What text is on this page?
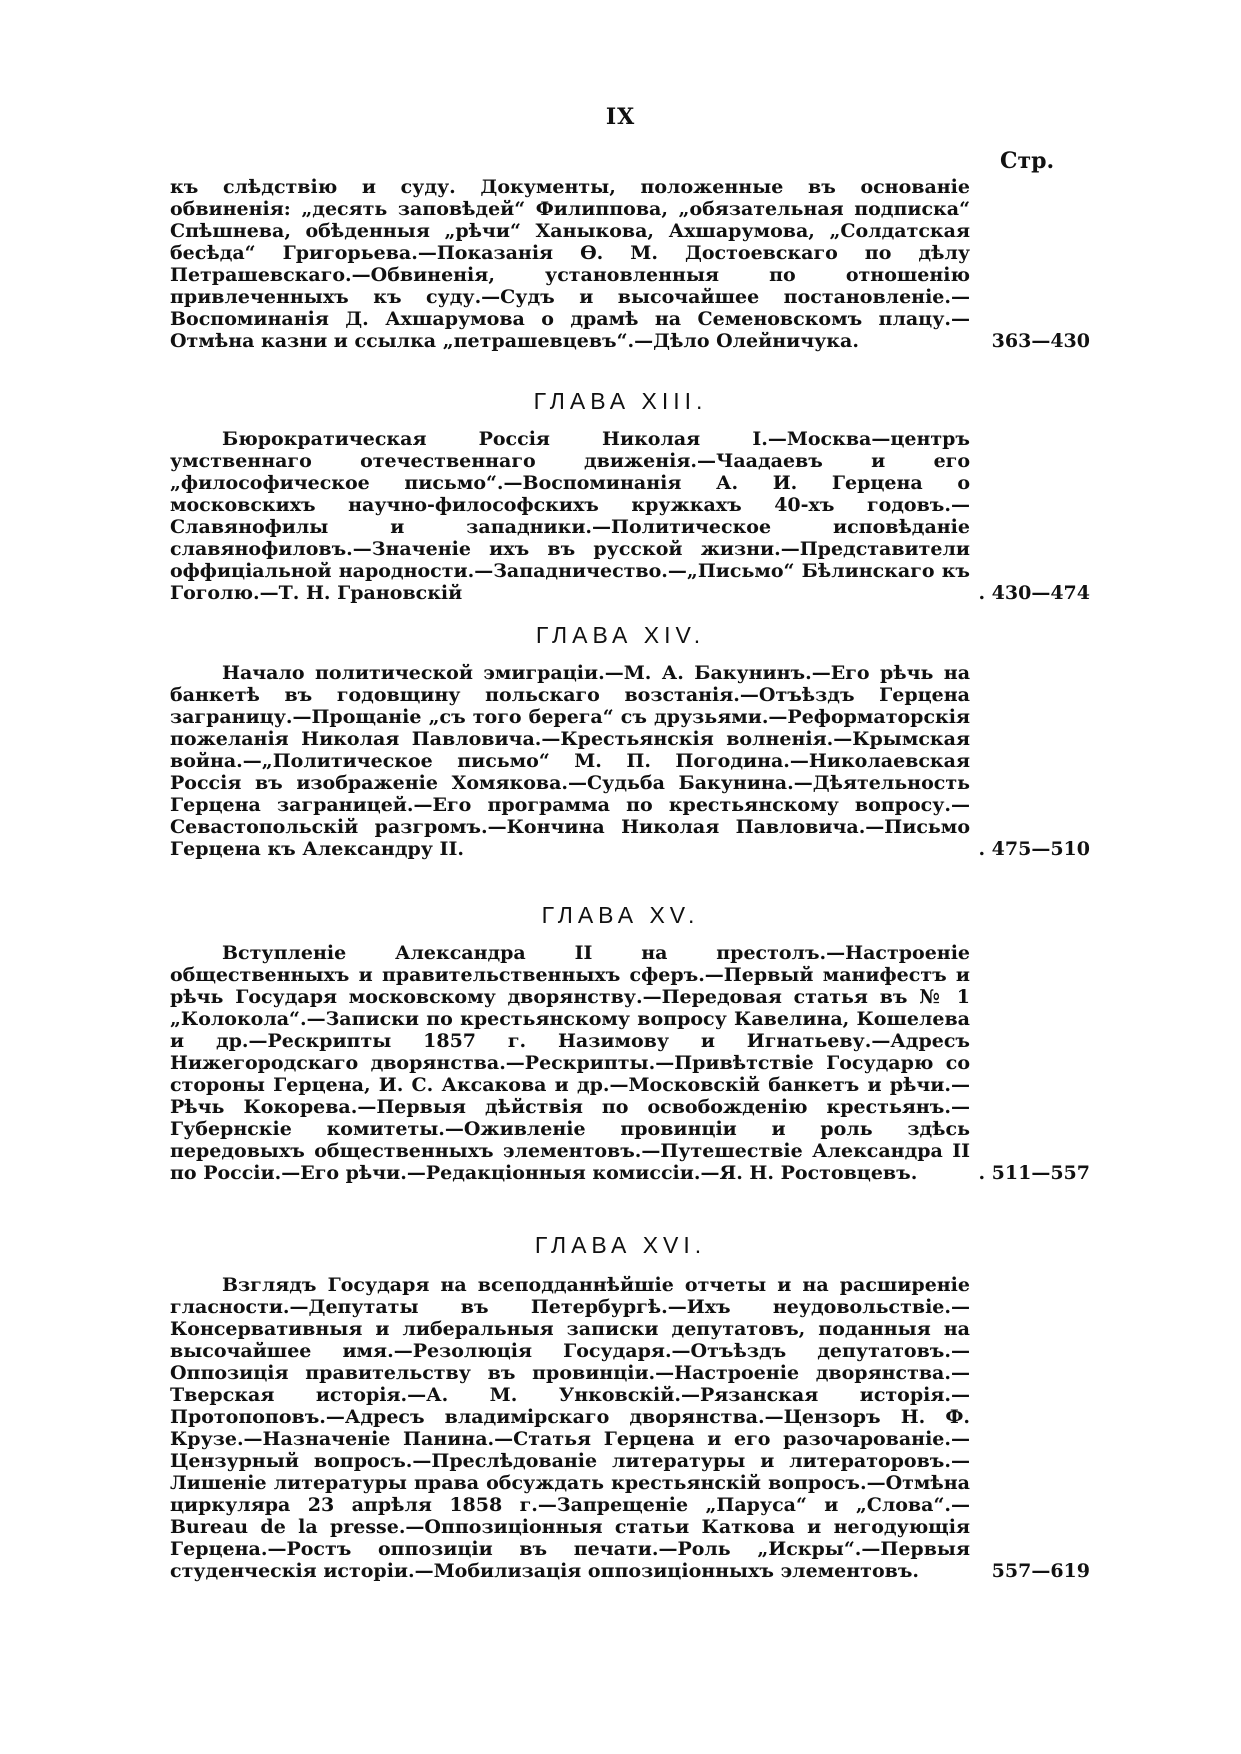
IX
Стр.
къ слѣдствію и суду. Документы, положенные въ основаніе обвиненія: „десять заповѣдей“ Филиппова, „обязательная подписка“ Спѣшнева, обѣденныя „рѣчи“ Ханыкова, Ахшарумова, „Солдатская бесѣда“ Григорьева.—Показанія Ѳ. М. Достоевскаго по дѣлу Петрашевскаго.—Обвиненія, установленныя по отношенію привлеченныхъ къ суду.—Судъ и высочайшее постановленіе.—Воспоминанія Д. Ахшарумова о драмѣ на Семеновскомъ плацу.—Отмѣна казни и ссылка „петрашевцевъ“.—Дѣло Олейничука.	363—430
ГЛАВА XIII.
Бюрократическая Россія Николая I.—Москва—центръ умственнаго отечественнаго движенія.—Чаадаевъ и его „философическое письмо“.—Воспоминанія А. И. Герцена о московскихъ научно-философскихъ кружкахъ 40-хъ годовъ.—Славянофилы и западники.—Политическое исповѣданіе славянофиловъ.—Значеніе ихъ въ русской жизни.—Представители оффиціальной народности.—Западничество.—„Письмо“ Бѣлинскаго къ Гоголю.—Т. Н. Грановскій	. 430—474
ГЛАВА XIV.
Начало политической эмиграціи.—М. А. Бакунинъ.—Его рѣчь на банкетѣ въ годовщину польскаго возстанія.—Отъѣздъ Герцена заграницу.—Прощаніе „съ того берега“ съ друзьями.—Реформаторскія пожеланія Николая Павловича.—Крестьянскія волненія.—Крымская война.—„Политическое письмо“ М. П. Погодина.—Николаевская Россія въ изображеніе Хомякова.—Судьба Бакунина.—Дѣятельность Герцена заграницей.—Его программа по крестьянскому вопросу.—Севастопольскій разгромъ.—Кончина Николая Павловича.—Письмо Герцена къ Александру II.	. 475—510
ГЛАВА XV.
Вступленіе Александра II на престолъ.—Настроеніе общественныхъ и правительственныхъ сферъ.—Первый манифестъ и рѣчь Государя московскому дворянству.—Передовая статья въ № 1 „Колокола“.—Записки по крестьянскому вопросу Кавелина, Кошелева и др.—Рескрипты 1857 г. Назимову и Игнатьеву.—Адресъ Нижегородскаго дворянства.—Рескрипты.—Привѣтствіе Государю со стороны Герцена, И. С. Аксакова и др.—Московскій банкетъ и рѣчи.—Рѣчь Кокорева.—Первыя дѣйствія по освобожденію крестьянъ.—Губернскіе комитеты.—Оживленіе провинціи и роль здѣсь передовыхъ общественныхъ элементовъ.—Путешествіе Александра II по Россіи.—Его рѣчи.—Редакціонныя комиссіи.—Я. Н. Ростовцевъ.	. 511—557
ГЛАВА XVI.
Взглядъ Государя на всеподданнѣйшіе отчеты и на расширеніе гласности.—Депутаты въ Петербургѣ.—Ихъ неудовольствіе.—Консервативныя и либеральныя записки депутатовъ, поданныя на высочайшее имя.—Резолюція Государя.—Отъѣздъ депутатовъ.—Оппозиція правительству въ провинціи.—Настроеніе дворянства.—Тверская исторія.—А. М. Унковскій.—Рязанская исторія.—Протопоповъ.—Адресъ владимірскаго дворянства.—Цензоръ Н. Ф. Крузе.—Назначеніе Панина.—Статья Герцена и его разочарованіе.—Цензурный вопросъ.—Преслѣдованіе литературы и литераторовъ.—Лишеніе литературы права обсуждать крестьянскій вопросъ.—Отмѣна циркуляра 23 апрѣля 1858 г.—Запрещеніе „Паруса“ и „Слова“.—Bureau de la presse.—Оппозиціонныя статьи Каткова и негодующія Герцена.—Ростъ оппозиціи въ печати.—Роль „Искры“.—Первыя студенческія исторіи.—Мобилизація оппозиціонныхъ элементовъ.	557—619
